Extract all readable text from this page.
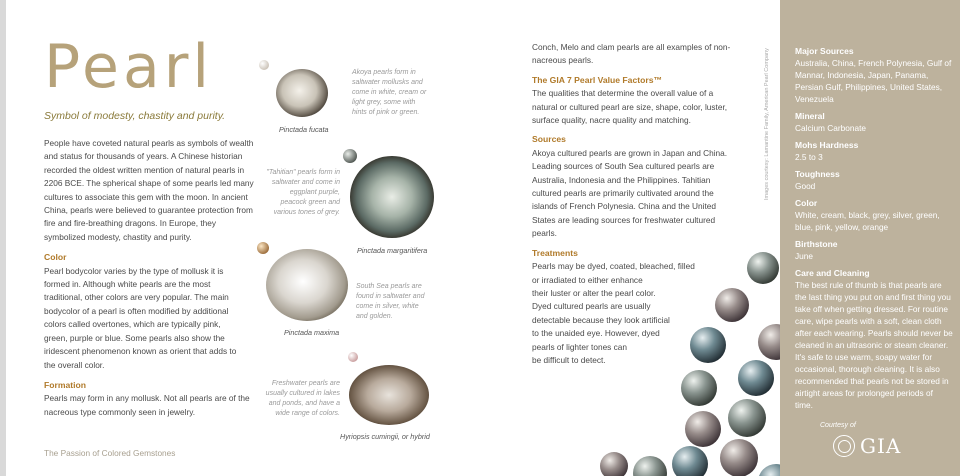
Pearl
Symbol of modesty, chastity and purity.

People have coveted natural pearls as symbols of wealth and status for thousands of years. A Chinese historian recorded the oldest written mention of natural pearls in 2206 BCE. The spherical shape of some pearls led many cultures to associate this gem with the moon. In ancient China, pearls were believed to guarantee protection from fire and fire-breathing dragons. In Europe, they symbolized modesty, chastity and purity.

Color

Pearl bodycolor varies by the type of mollusk it is formed in. Although white pearls are the most traditional, other colors are very popular. The main bodycolor of a pearl is often modified by additional colors called overtones, which are typically pink, green, purple or blue. Some pearls also show the iridescent phenomenon known as orient that adds to the overall color.

Formation

Pearls may form in any mollusk. Not all pearls are of the nacreous type commonly seen in jewelry.

The Passion of Colored Gemstones
Akoya pearls form in saltwater mollusks and come in white, cream or light grey, some with hints of pink or green.
Pinctada fucata
"Tahitian" pearls form in saltwater and come in eggplant purple, peacock green and various tones of grey.
Pinctada margaritifera
South Sea pearls are found in saltwater and come in silver, white and golden.
Pinctada maxima
Freshwater pearls are usually cultured in lakes and ponds, and have a wide range of colors.
Hyriopsis cumingii, or hybrid

Conch, Melo and clam pearls are all examples of non-nacreous pearls.

The GIA 7 Pearl Value Factors™

The qualities that determine the overall value of a natural or cultured pearl are size, shape, color, luster, surface quality, nacre quality and matching.

Sources

Akoya cultured pearls are grown in Japan and China. Leading sources of South Sea cultured pearls are Australia, Indonesia and the Philippines. Tahitian cultured pearls are primarily cultivated around the islands of French Polynesia. China and the United States are leading sources for freshwater cultured pearls.

Treatments
Pearls may be dyed, coated, bleached, filled
or irradiated to either enhance
their luster or alter the pearl color.
Dyed cultured pearls are usually
detectable because they look artificial
to the unaided eye. However, dyed
pearls of lighter tones can
be difficult to detect.
Images courtesy: Lamantine Family, American Pearl Company	Major Sources
Australia, China, French Polynesia, Gulf of Mannar, Indonesia, Japan, Panama, Persian Gulf, Philippines, United States, Venezuela
Mineral
Calcium Carbonate
Mohs Hardness
2.5 to 3
Toughness
Good
Color
White, cream, black, grey, silver, green, blue, pink, yellow, orange
Birthstone
June
Care and Cleaning
The best rule of thumb is that pearls are the last thing you put on and first thing you take off when getting dressed. For routine care, wipe pearls with a soft, clean cloth after each wearing. Pearls should never be cleaned in an ultrasonic or steam cleaner. It's safe to use warm, soapy water for occasional, thorough cleaning. It is also recommended that pearls not be stored in airtight areas for prolonged periods of time.
Courtesy of
GIA
